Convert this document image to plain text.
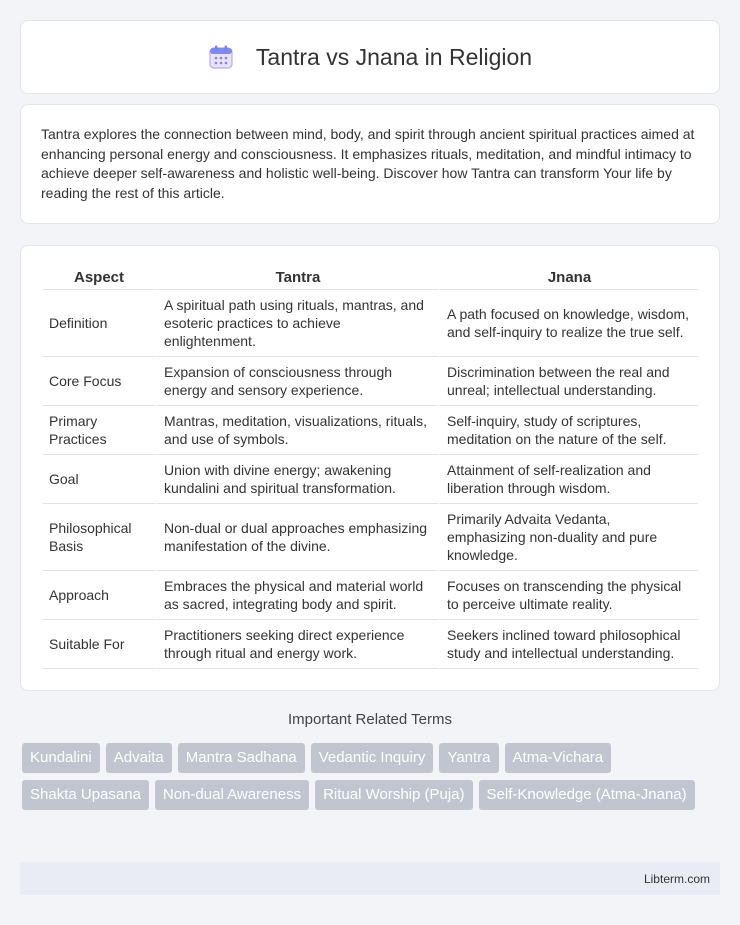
Tantra vs Jnana in Religion

Tantra explores the connection between mind, body, and spirit through ancient spiritual practices aimed at enhancing personal energy and consciousness. It emphasizes rituals, meditation, and mindful intimacy to achieve deeper self-awareness and holistic well-being. Discover how Tantra can transform Your life by reading the rest of this article.

Aspect	Tantra	Jnana
Definition	A spiritual path using rituals, mantras, and esoteric practices to achieve enlightenment.	A path focused on knowledge, wisdom, and self-inquiry to realize the true self.
Core Focus	Expansion of consciousness through energy and sensory experience.	Discrimination between the real and unreal; intellectual understanding.
Primary Practices	Mantras, meditation, visualizations, rituals, and use of symbols.	Self-inquiry, study of scriptures, meditation on the nature of the self.
Goal	Union with divine energy; awakening kundalini and spiritual transformation.	Attainment of self-realization and liberation through wisdom.
Philosophical Basis	Non-dual or dual approaches emphasizing manifestation of the divine.	Primarily Advaita Vedanta, emphasizing non-duality and pure knowledge.
Approach	Embraces the physical and material world as sacred, integrating body and spirit.	Focuses on transcending the physical to perceive ultimate reality.
Suitable For	Practitioners seeking direct experience through ritual and energy work.	Seekers inclined toward philosophical study and intellectual understanding.
Important Related Terms
Kundalini	Advaita	Mantra Sadhana	Vedantic Inquiry	Yantra	Atma-Vichara
Shakta Upasana	Non-dual Awareness	Ritual Worship (Puja)	Self-Knowledge (Atma-Jnana)
Libterm.com
